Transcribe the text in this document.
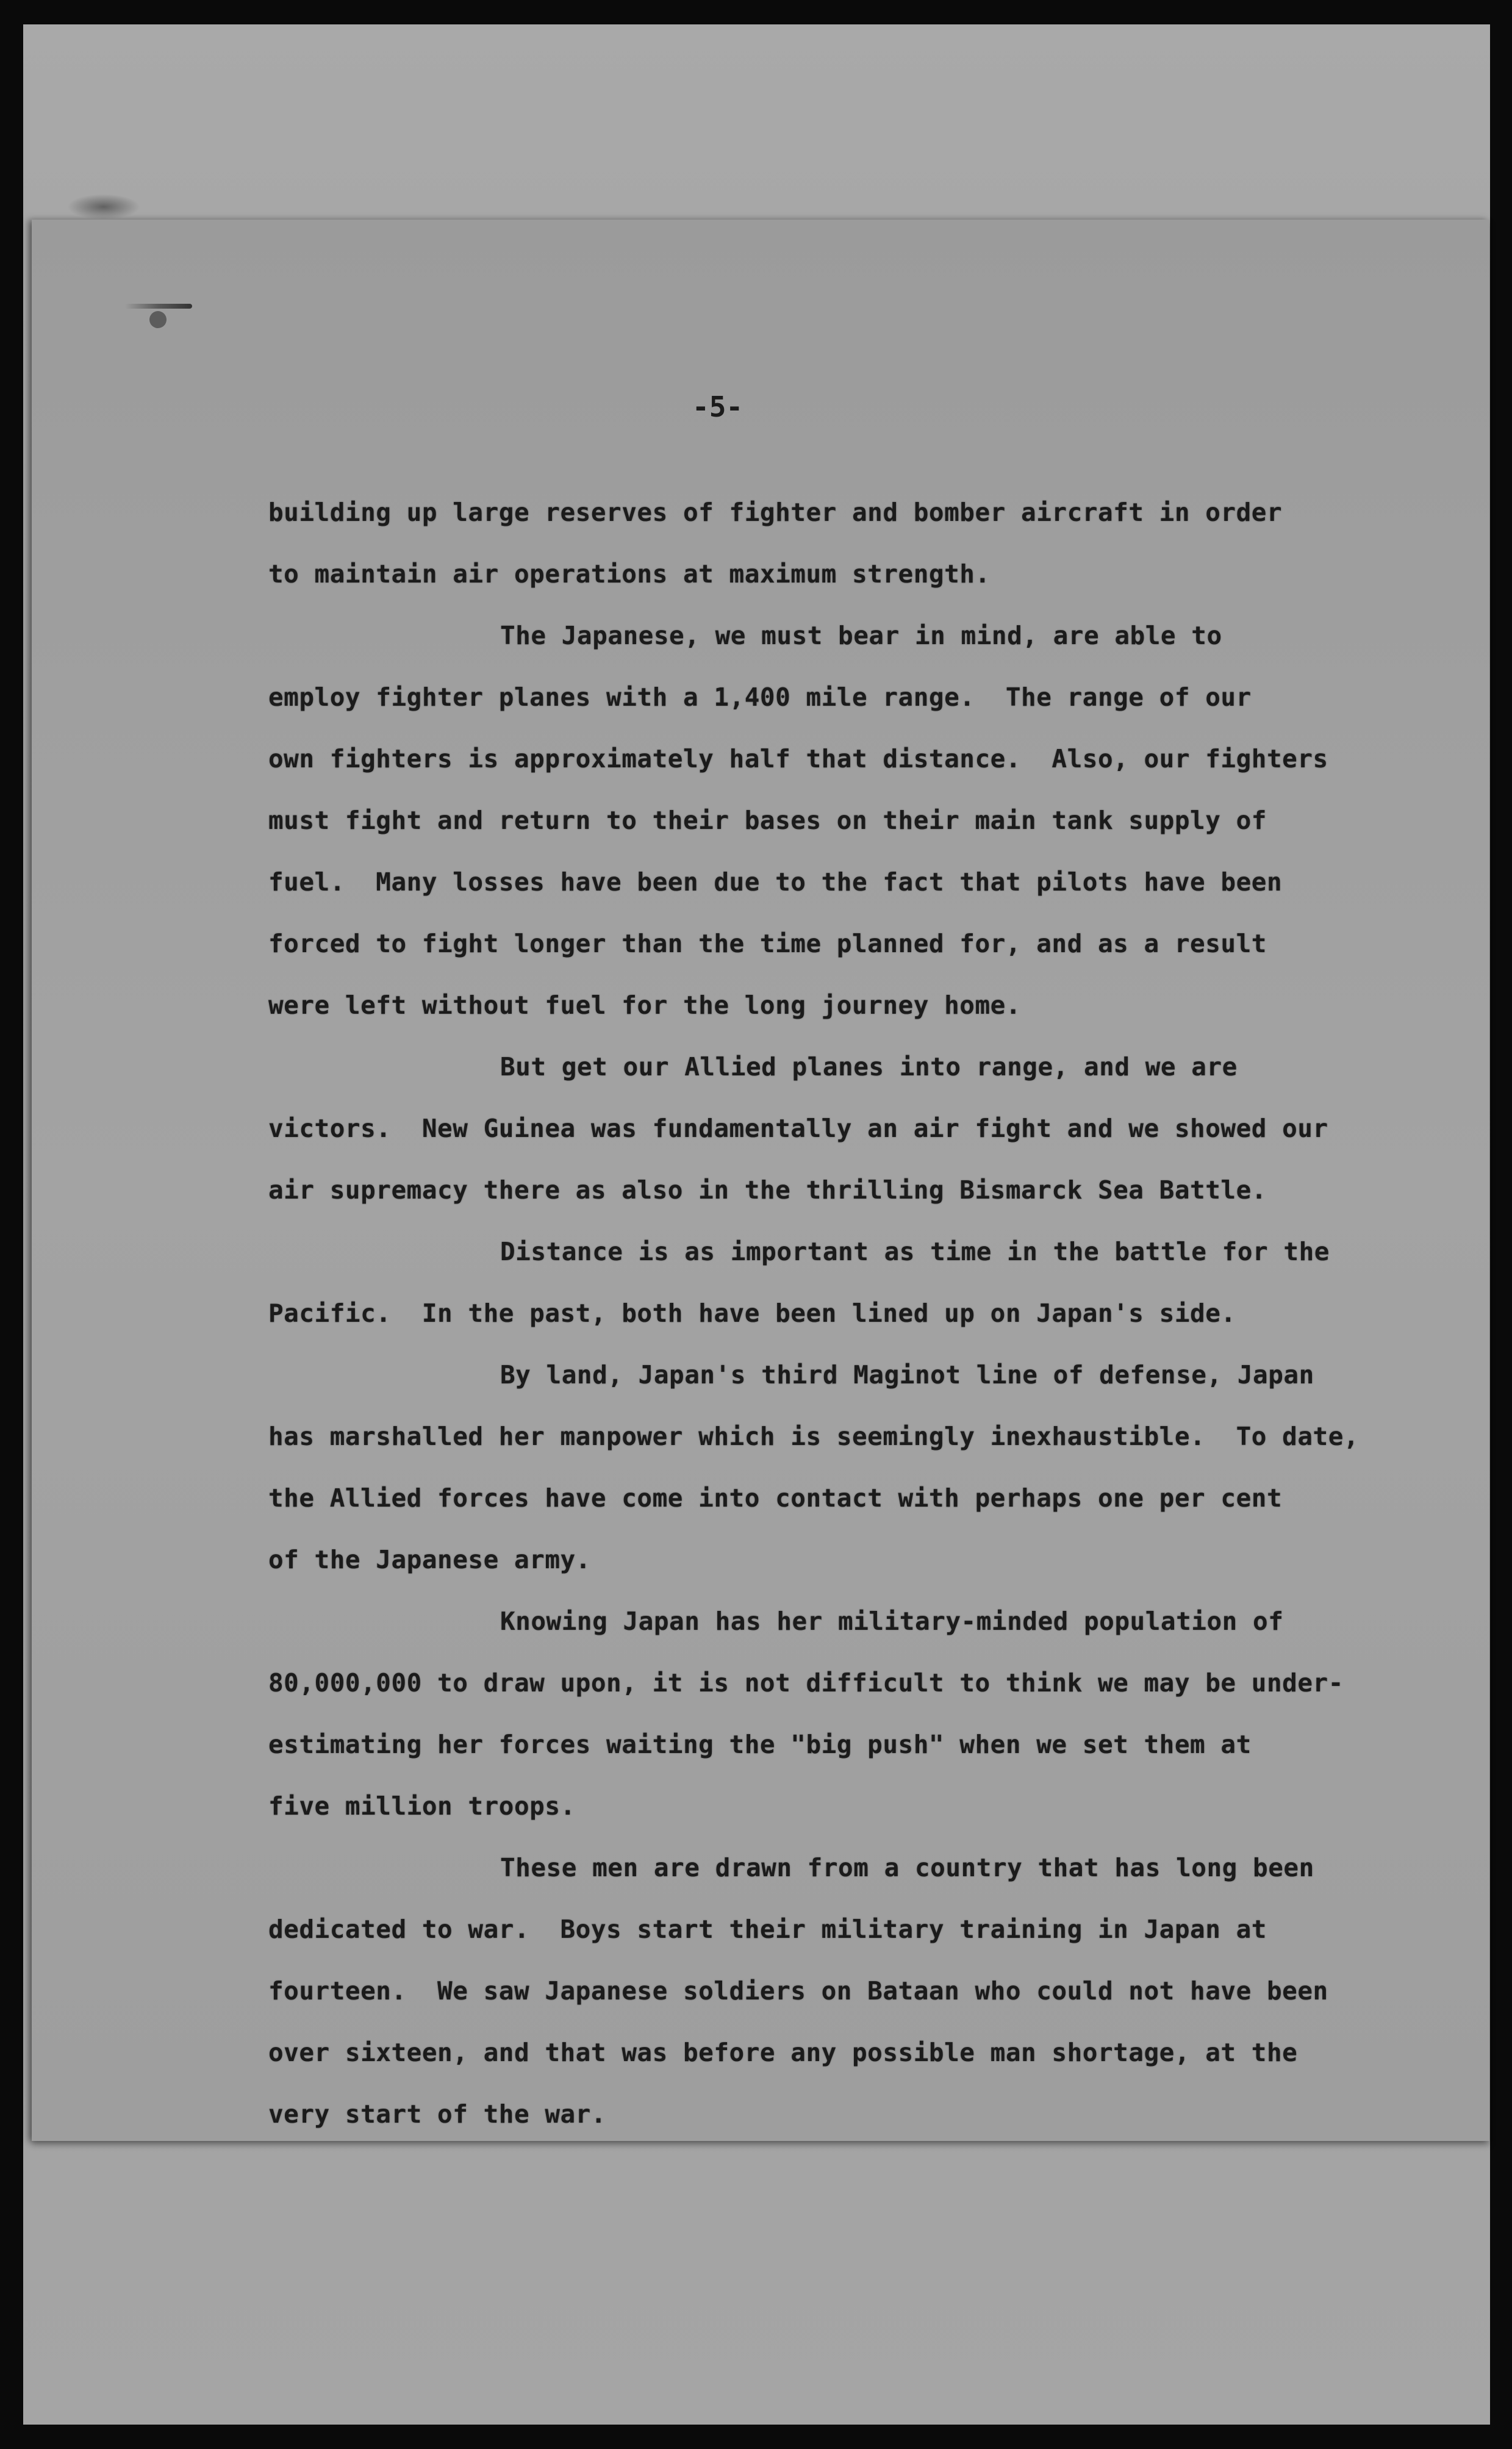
-5-
building up large reserves of fighter and bomber aircraft in order
to maintain air operations at maximum strength.
The Japanese, we must bear in mind, are able to
employ fighter planes with a 1,400 mile range.  The range of our
own fighters is approximately half that distance.  Also, our fighters
must fight and return to their bases on their main tank supply of
fuel.  Many losses have been due to the fact that pilots have been
forced to fight longer than the time planned for, and as a result
were left without fuel for the long journey home.
But get our Allied planes into range, and we are
victors.  New Guinea was fundamentally an air fight and we showed our
air supremacy there as also in the thrilling Bismarck Sea Battle.
Distance is as important as time in the battle for the
Pacific.  In the past, both have been lined up on Japan's side.
By land, Japan's third Maginot line of defense, Japan
has marshalled her manpower which is seemingly inexhaustible.  To date,
the Allied forces have come into contact with perhaps one per cent
of the Japanese army.
Knowing Japan has her military-minded population of
80,000,000 to draw upon, it is not difficult to think we may be under-
estimating her forces waiting the "big push" when we set them at
five million troops.
These men are drawn from a country that has long been
dedicated to war.  Boys start their military training in Japan at
fourteen.  We saw Japanese soldiers on Bataan who could not have been
over sixteen, and that was before any possible man shortage, at the
very start of the war.
